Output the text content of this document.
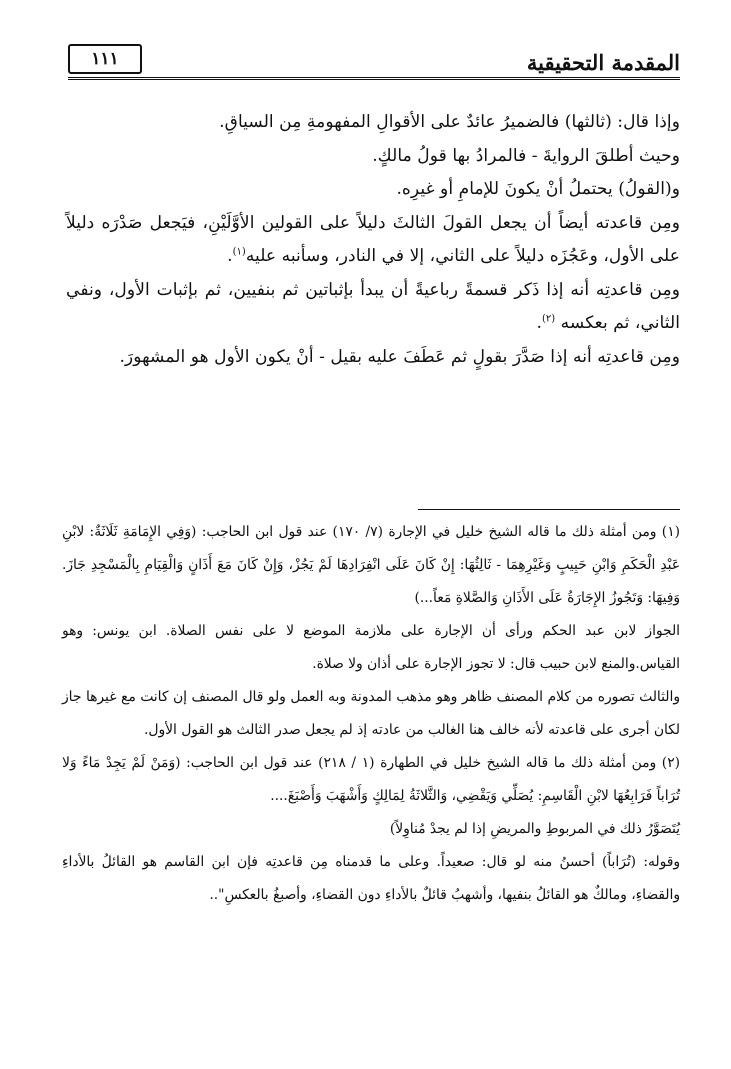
١١١	المقدمة التحقيقية

وإذا قال: (ثالثها) فالضميرُ عائدٌ على الأقوالِ المفهومةِ مِن السياقِ.

وحيث أطلقَ الروايةَ - فالمرادُ بها قولُ مالكٍ.

و(القولُ) يحتملُ أنْ يكونَ للإمامِ أو غيرِه.

ومِن قاعدته أيضاً أن يجعل القولَ الثالثَ دليلاً على القولين الأوَّلَيْنِ، فيَجعل صَدْرَه دليلاً على الأول، وعَجُزَه دليلاً على الثاني، إلا في النادر، وسأنبه عليه$^{(١)}$.

ومِن قاعدتِه أنه إذا ذَكر قسمةً رباعيةً أن يبدأ بإثباتين ثم بنفيين، ثم بإثبات الأول، ونفي الثاني، ثم بعكسه $^{(٢)}$.

ومِن قاعدتِه أنه إذا صَدَّرَ بقولٍ ثم عَطَفَ عليه بقيل - أنْ يكون الأول هو المشهورَ.

(١) ومن أمثلة ذلك ما قاله الشيخ خليل في الإجارة (٧/ ١٧٠) عند قول ابن الحاجب: (وَفِي الإِمَامَةِ ثَلَاثَةٌ: لابْنِ عَبْدِ الْحَكَمِ وَابْنِ حَبِيبٍ وَغَيْرِهِمَا - ثَالِثُهَا: إِنْ كَانَ عَلَى انْفِرَادِهَا لَمْ يَجُزْ، وَإِنْ كَانَ مَعَ أَذَانٍ وَالْقِيَامِ بِالْمَسْجِدِ جَازَ. وَفِيهَا: وَتَجُوزُ الإِجَارَةُ عَلَى الأَذَانِ وَالصَّلاةِ مَعاً...)

الجواز لابن عبد الحكم ورأى أن الإجارة على ملازمة الموضع لا على نفس الصلاة. ابن يونس: وهو القياس.والمنع لابن حبيب قال: لا تجوز الإجارة على أذان ولا صلاة.

والثالث تصوره من كلام المصنف ظاهر وهو مذهب المدونة وبه العمل ولو قال المصنف إن كانت مع غيرها جاز لكان أجرى على قاعدته لأنه خالف هنا الغالب من عادته إذ لم يجعل صدر الثالث هو القول الأول.

(٢) ومن أمثلة ذلك ما قاله الشيخ خليل في الطهارة (١ / ٢١٨) عند قول ابن الحاجب: (وَمَنْ لَمْ يَجِدْ مَاءً وَلا تُرَاباً فَرَابِعُهَا لابْنِ الْقَاسِمِ: يُصَلِّي وَيَقْضِي، وَالثَّلاثَةُ لِمَالِكٍ وَأَشْهَبَ وَأَصْبَغَ....

يُتَصَوَّرُ ذلك في المربوطِ والمريضِ إذا لم يجدْ مُناوِلاً)

وقوله: (تُرَاباً) أحسنُ منه لو قال: صعيداً. وعلى ما قدمناه مِن قاعدتِه فإن ابن القاسم هو القائلُ بالأداءِ والقضاءِ، ومالكٌ هو القائلُ بنفيها، وأشهبُ قائلٌ بالأداءِ دون القضاءِ، وأصبغُ بالعكسِ"..
